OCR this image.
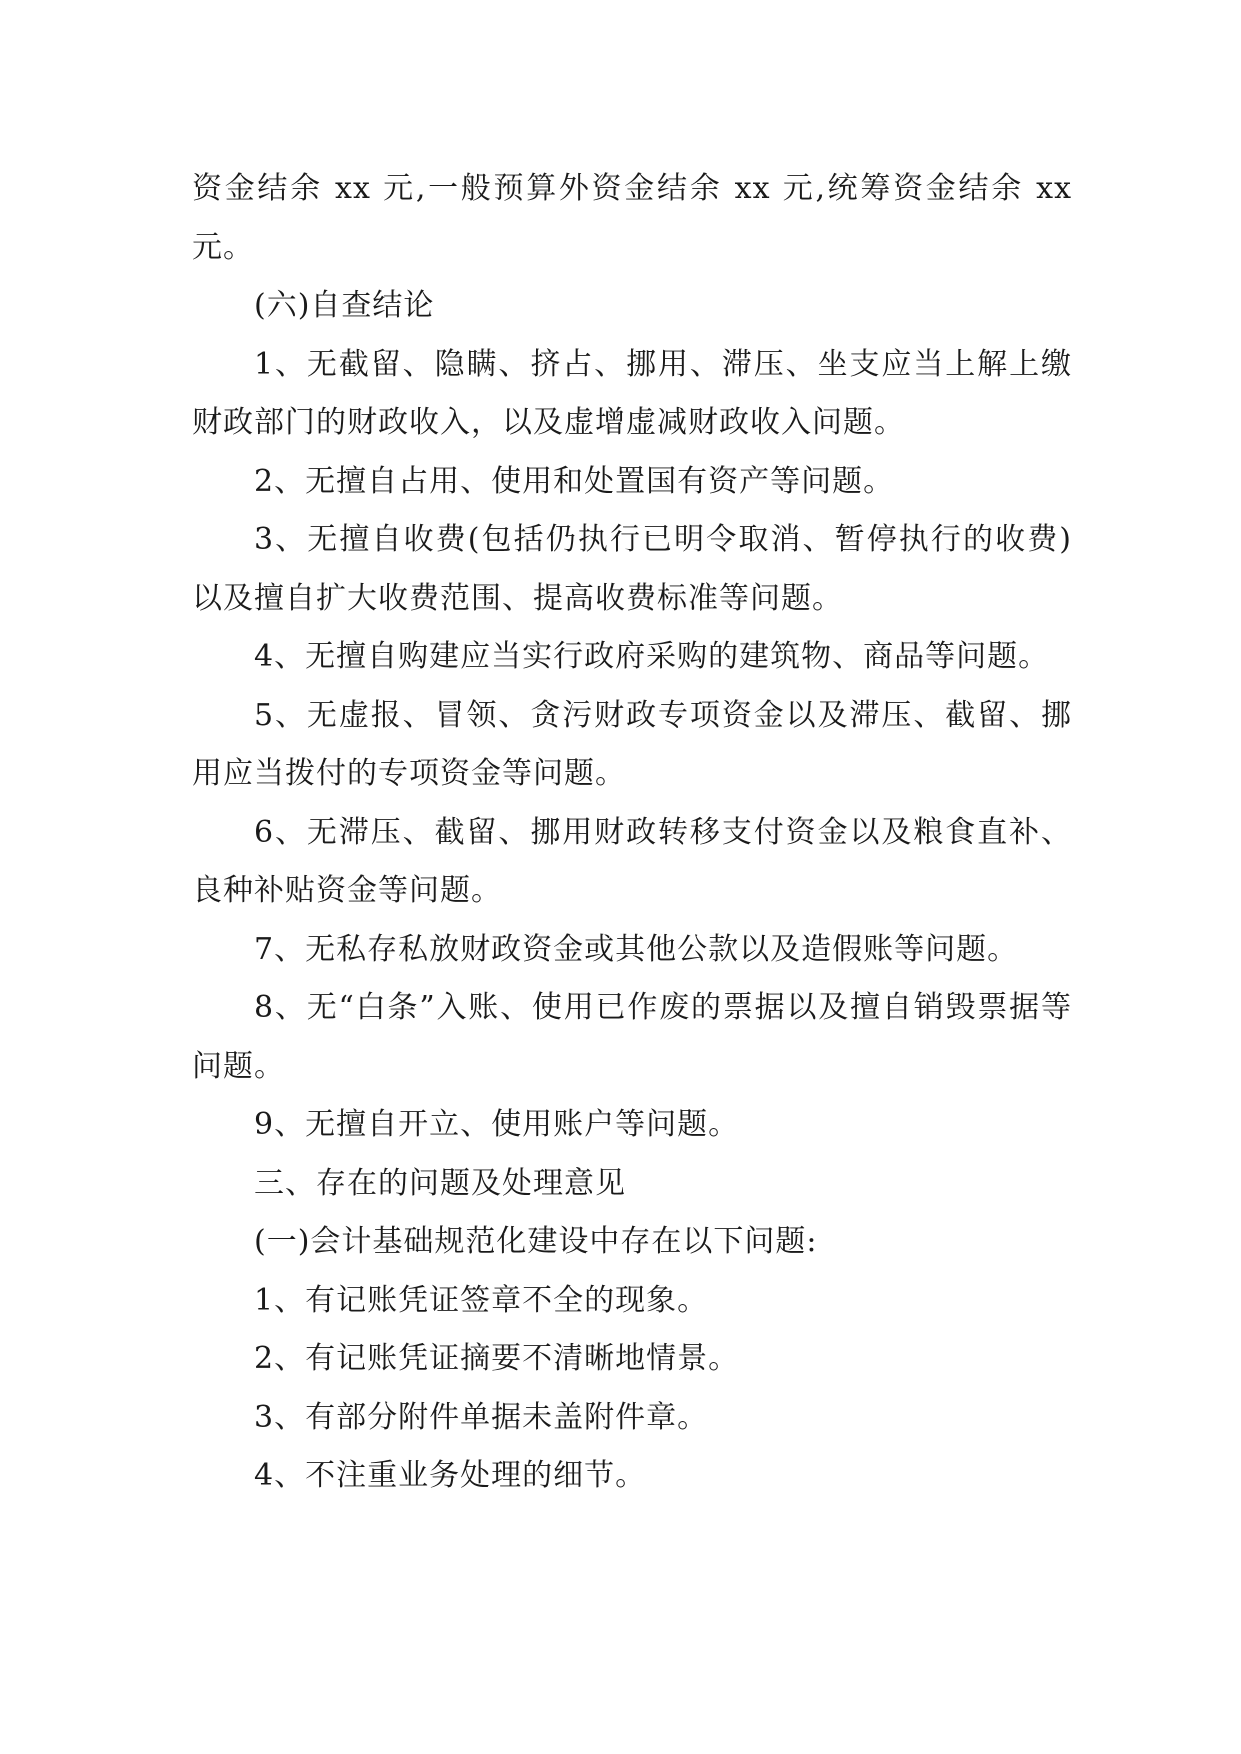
资金结余 xx 元,一般预算外资金结余 xx 元,统筹资金结余 xx 元。

(六)自查结论

1、无截留、隐瞒、挤占、挪用、滞压、坐支应当上解上缴财政部门的财政收入，以及虚增虚减财政收入问题。

2、无擅自占用、使用和处置国有资产等问题。

3、无擅自收费(包括仍执行已明令取消、暂停执行的收费)以及擅自扩大收费范围、提高收费标准等问题。

4、无擅自购建应当实行政府采购的建筑物、商品等问题。

5、无虚报、冒领、贪污财政专项资金以及滞压、截留、挪用应当拨付的专项资金等问题。

6、无滞压、截留、挪用财政转移支付资金以及粮食直补、良种补贴资金等问题。

7、无私存私放财政资金或其他公款以及造假账等问题。

8、无“白条”入账、使用已作废的票据以及擅自销毁票据等问题。

9、无擅自开立、使用账户等问题。

三、存在的问题及处理意见

(一)会计基础规范化建设中存在以下问题:

1、有记账凭证签章不全的现象。

2、有记账凭证摘要不清晰地情景。

3、有部分附件单据未盖附件章。

4、不注重业务处理的细节。
